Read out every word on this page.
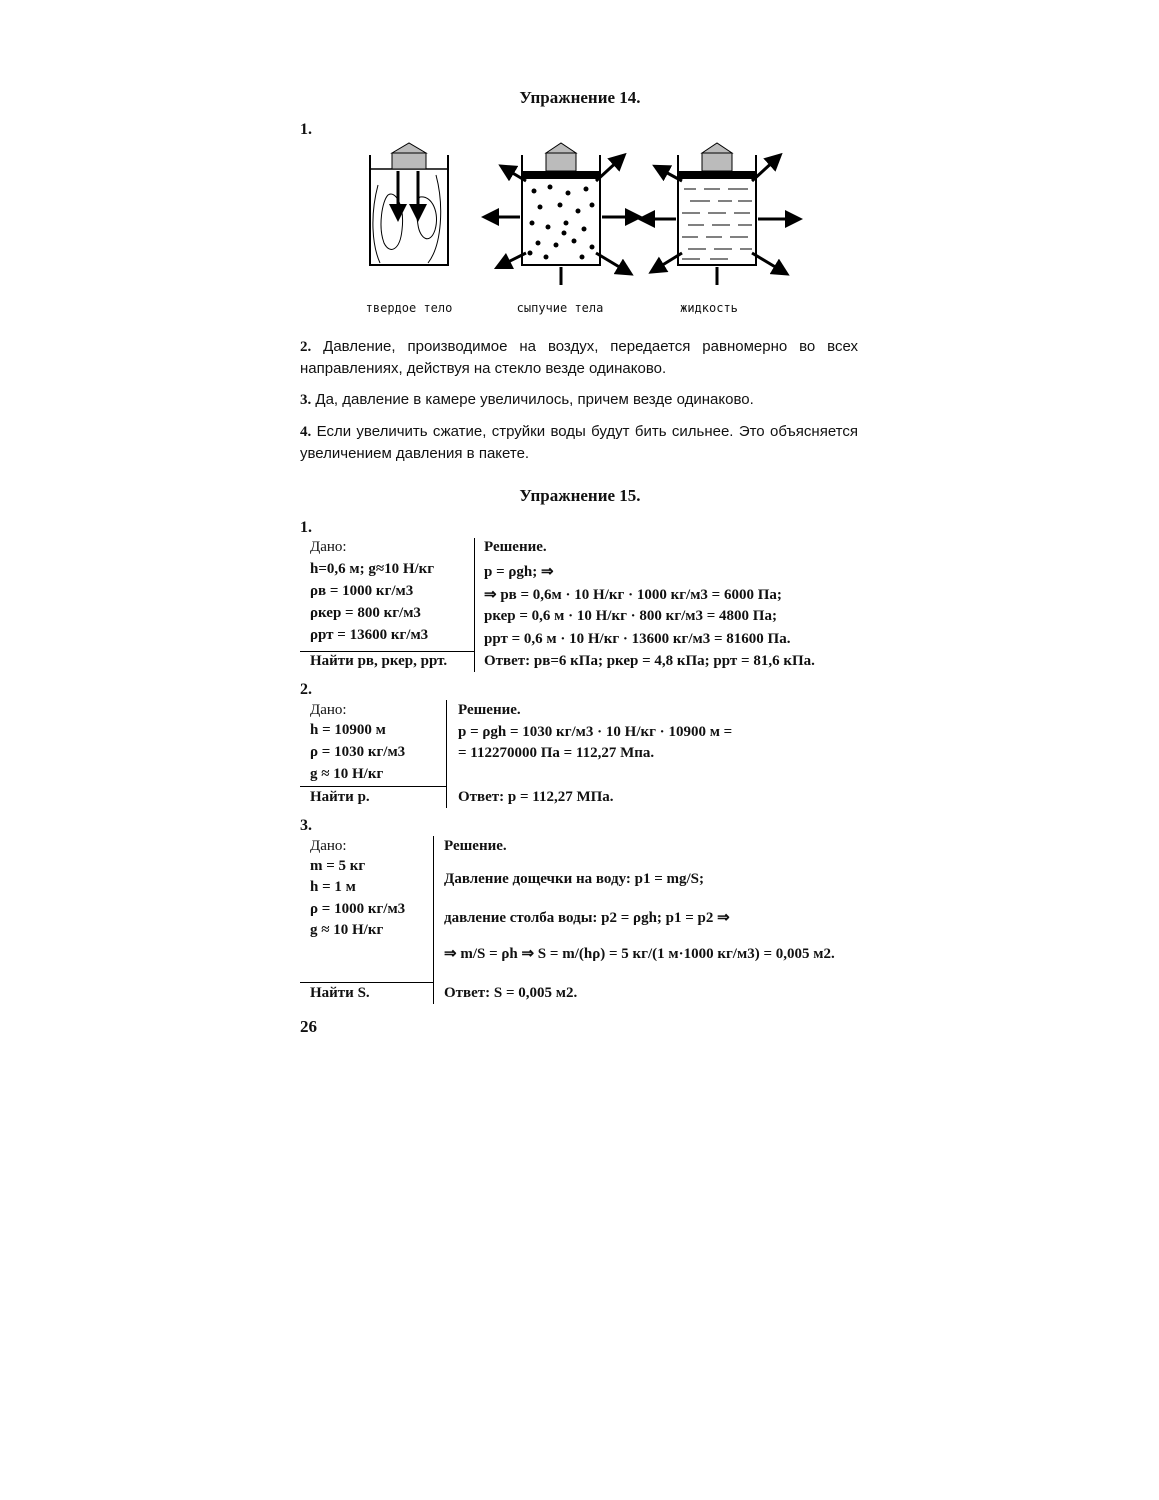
Упражнение 14.
1.
твердое тело	сыпучие тела	жидкость
2. Давление, производимое на воздух, передается равномерно во всех направлениях, действуя на стекло везде одинаково.
3. Да, давление в камере увеличилось, причем везде одинаково.
4. Если увеличить сжатие, струйки воды будут бить сильнее. Это объясняется увеличением давления в пакете.
Упражнение 15.
1.
Дано:
h=0,6 м; g≈10 Н/кг
ρв = 1000 кг/м3
ρкер = 800 кг/м3
ρрт = 13600 кг/м3
Найти pв, pкер, pрт.
Решение.
p = ρgh; ⇒
⇒ pв = 0,6м · 10 Н/кг · 1000 кг/м3 = 6000 Па;
pкер = 0,6 м · 10 Н/кг · 800 кг/м3 = 4800 Па;
pрт = 0,6 м · 10 Н/кг · 13600 кг/м3 = 81600 Па.
Ответ: pв=6 кПа; pкер = 4,8 кПа; pрт = 81,6 кПа.
2.
Дано:
h = 10900 м
ρ = 1030 кг/м3
g ≈ 10 Н/кг
Найти p.
Решение.
p = ρgh = 1030 кг/м3 · 10 Н/кг · 10900 м =
= 112270000 Па = 112,27 Мпа.
Ответ: p = 112,27 МПа.
3.
Дано:
m = 5 кг
h = 1 м
ρ = 1000 кг/м3
g ≈ 10 Н/кг
Найти S.
Решение.
Давление дощечки на воду: p1 = mg/S;
давление столба воды: p2 = ρgh; p1 = p2 ⇒
⇒ m/S = ρh ⇒ S = m/(hρ) = 5 кг/(1 м·1000 кг/м3) = 0,005 м2.
Ответ: S = 0,005 м2.
26
